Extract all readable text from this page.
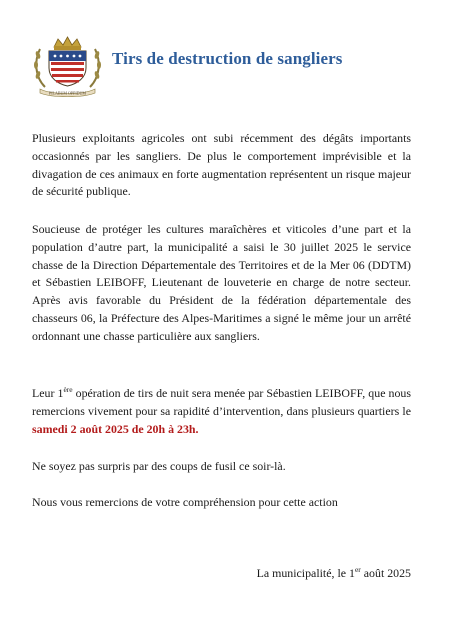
PILABUM OPPIDUM
Tirs de destruction de sangliers

Plusieurs exploitants agricoles ont subi récemment des dégâts importants occasionnés par les sangliers. De plus le comportement imprévisible et la divagation de ces animaux en forte augmentation représentent un risque majeur de sécurité publique.

Soucieuse de protéger les cultures maraîchères et viticoles d’une part et la population d’autre part, la municipalité a saisi le 30 juillet 2025 le service chasse de la Direction Départementale des Territoires et de la Mer 06 (DDTM) et Sébastien LEIBOFF, Lieutenant de louveterie en charge de notre secteur. Après avis favorable du Président de la fédération départementale des chasseurs 06, la Préfecture des Alpes-Maritimes a signé le même jour un arrêté ordonnant une chasse particulière aux sangliers.

Leur 1ère opération de tirs de nuit sera menée par Sébastien LEIBOFF, que nous remercions vivement pour sa rapidité d’intervention, dans plusieurs quartiers le samedi 2 août 2025 de 20h à 23h.

Ne soyez pas surpris par des coups de fusil ce soir-là.

Nous vous remercions de votre compréhension pour cette action

La municipalité, le 1er août 2025
